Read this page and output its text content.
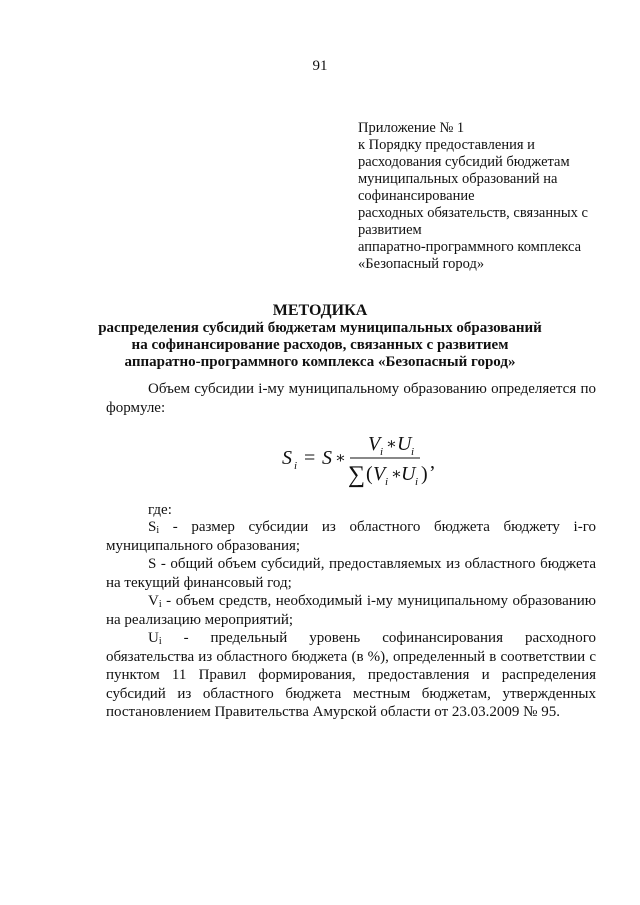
91
Приложение № 1
к Порядку предоставления и
расходования субсидий бюджетам
муниципальных образований на
софинансирование
расходных обязательств, связанных с
развитием
аппаратно-программного комплекса
«Безопасный город»
МЕТОДИКА
распределения субсидий бюджетам муниципальных образований
на софинансирование расходов, связанных с развитием
аппаратно-программного комплекса «Безопасный город»
Объем субсидии i-му муниципальному образованию определяется по формуле:
S i = S ∗
V i ∗ U i
∑ ( V i ∗ U i )
,
где:
$S_i$ - размер субсидии из областного бюджета бюджету i-го муниципального образования;
S - общий объем субсидий, предоставляемых из областного бюджета на текущий финансовый год;
$V_i$ - объем средств, необходимый i-му муниципальному образованию на реализацию мероприятий;
$U_i$ - предельный уровень софинансирования расходного обязательства из областного бюджета (в %), определенный в соответствии с пунктом 11 Правил формирования, предоставления и распределения субсидий из областного бюджета местным бюджетам, утвержденных постановлением Правительства Амурской области от 23.03.2009 № 95.
